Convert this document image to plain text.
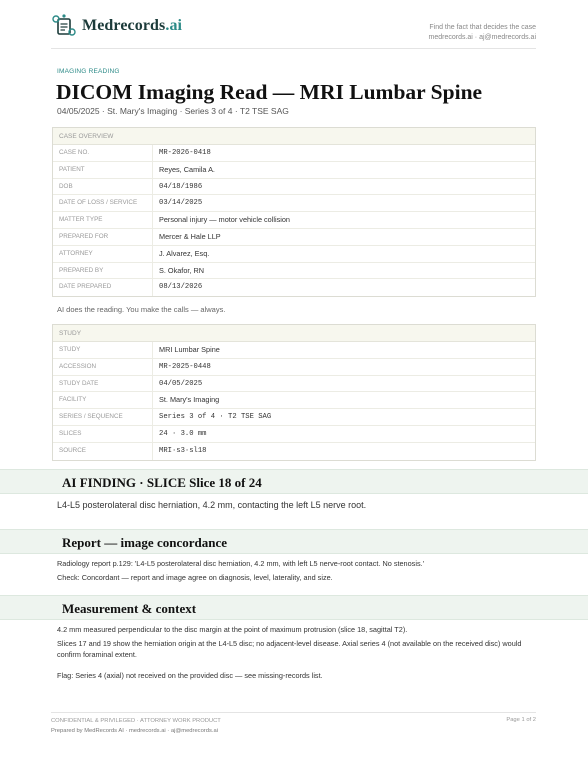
Medrecords.ai	Find the fact that decides the case
medrecords.ai · aj@medrecords.ai
IMAGING READING
DICOM Imaging Read — MRI Lumbar Spine
04/05/2025 · St. Mary's Imaging · Series 3 of 4 · T2 TSE SAG
CASE OVERVIEW
CASE NO.	MR-2026-0418
PATIENT	Reyes, Camila A.
DOB	04/18/1986
DATE OF LOSS / SERVICE	03/14/2025
MATTER TYPE	Personal injury — motor vehicle collision
PREPARED FOR	Mercer & Hale LLP
ATTORNEY	J. Alvarez, Esq.
PREPARED BY	S. Okafor, RN
DATE PREPARED	08/13/2026
AI does the reading. You make the calls — always.
STUDY
STUDY	MRI Lumbar Spine
ACCESSION	MR-2025-0448
STUDY DATE	04/05/2025
FACILITY	St. Mary's Imaging
SERIES / SEQUENCE	Series 3 of 4 · T2 TSE SAG
SLICES	24 · 3.0 mm
SOURCE	MRI·s3·sl18
AI FINDING · SLICE Slice 18 of 24
L4-L5 posterolateral disc herniation, 4.2 mm, contacting the left L5 nerve root.
Report — image concordance
Radiology report p.129: 'L4-L5 posterolateral disc herniation, 4.2 mm, with left L5 nerve-root contact. No stenosis.'
Check: Concordant — report and image agree on diagnosis, level, laterality, and size.
Measurement & context
4.2 mm measured perpendicular to the disc margin at the point of maximum protrusion (slice 18, sagittal T2).
Slices 17 and 19 show the herniation origin at the L4-L5 disc; no adjacent-level disease. Axial series 4 (not available on the received disc) would confirm foraminal extent.
Flag: Series 4 (axial) not received on the provided disc — see missing-records list.
CONFIDENTIAL & PRIVILEGED · ATTORNEY WORK PRODUCT
Prepared by MedRecords AI · medrecords.ai · aj@medrecords.ai
Page 1 of 2
